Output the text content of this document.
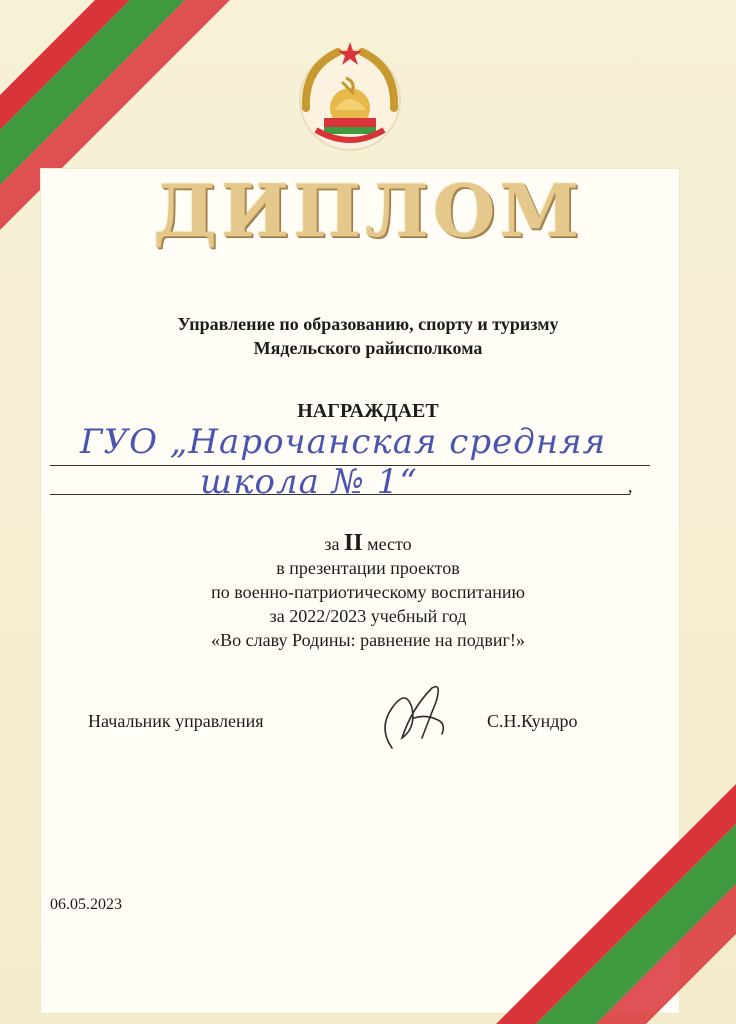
ДИПЛОМ
Управление по образованию, спорту и туризму
Мядельского райисполкома
НАГРАЖДАЕТ
ГУО „Нарочанская средняя
школа № 1“	,
за II место
в презентации проектов
по военно-патриотическому воспитанию
за 2022/2023 учебный год
«Во славу Родины: равнение на подвиг!»
Начальник управления	С.Н.Кундро
06.05.2023
